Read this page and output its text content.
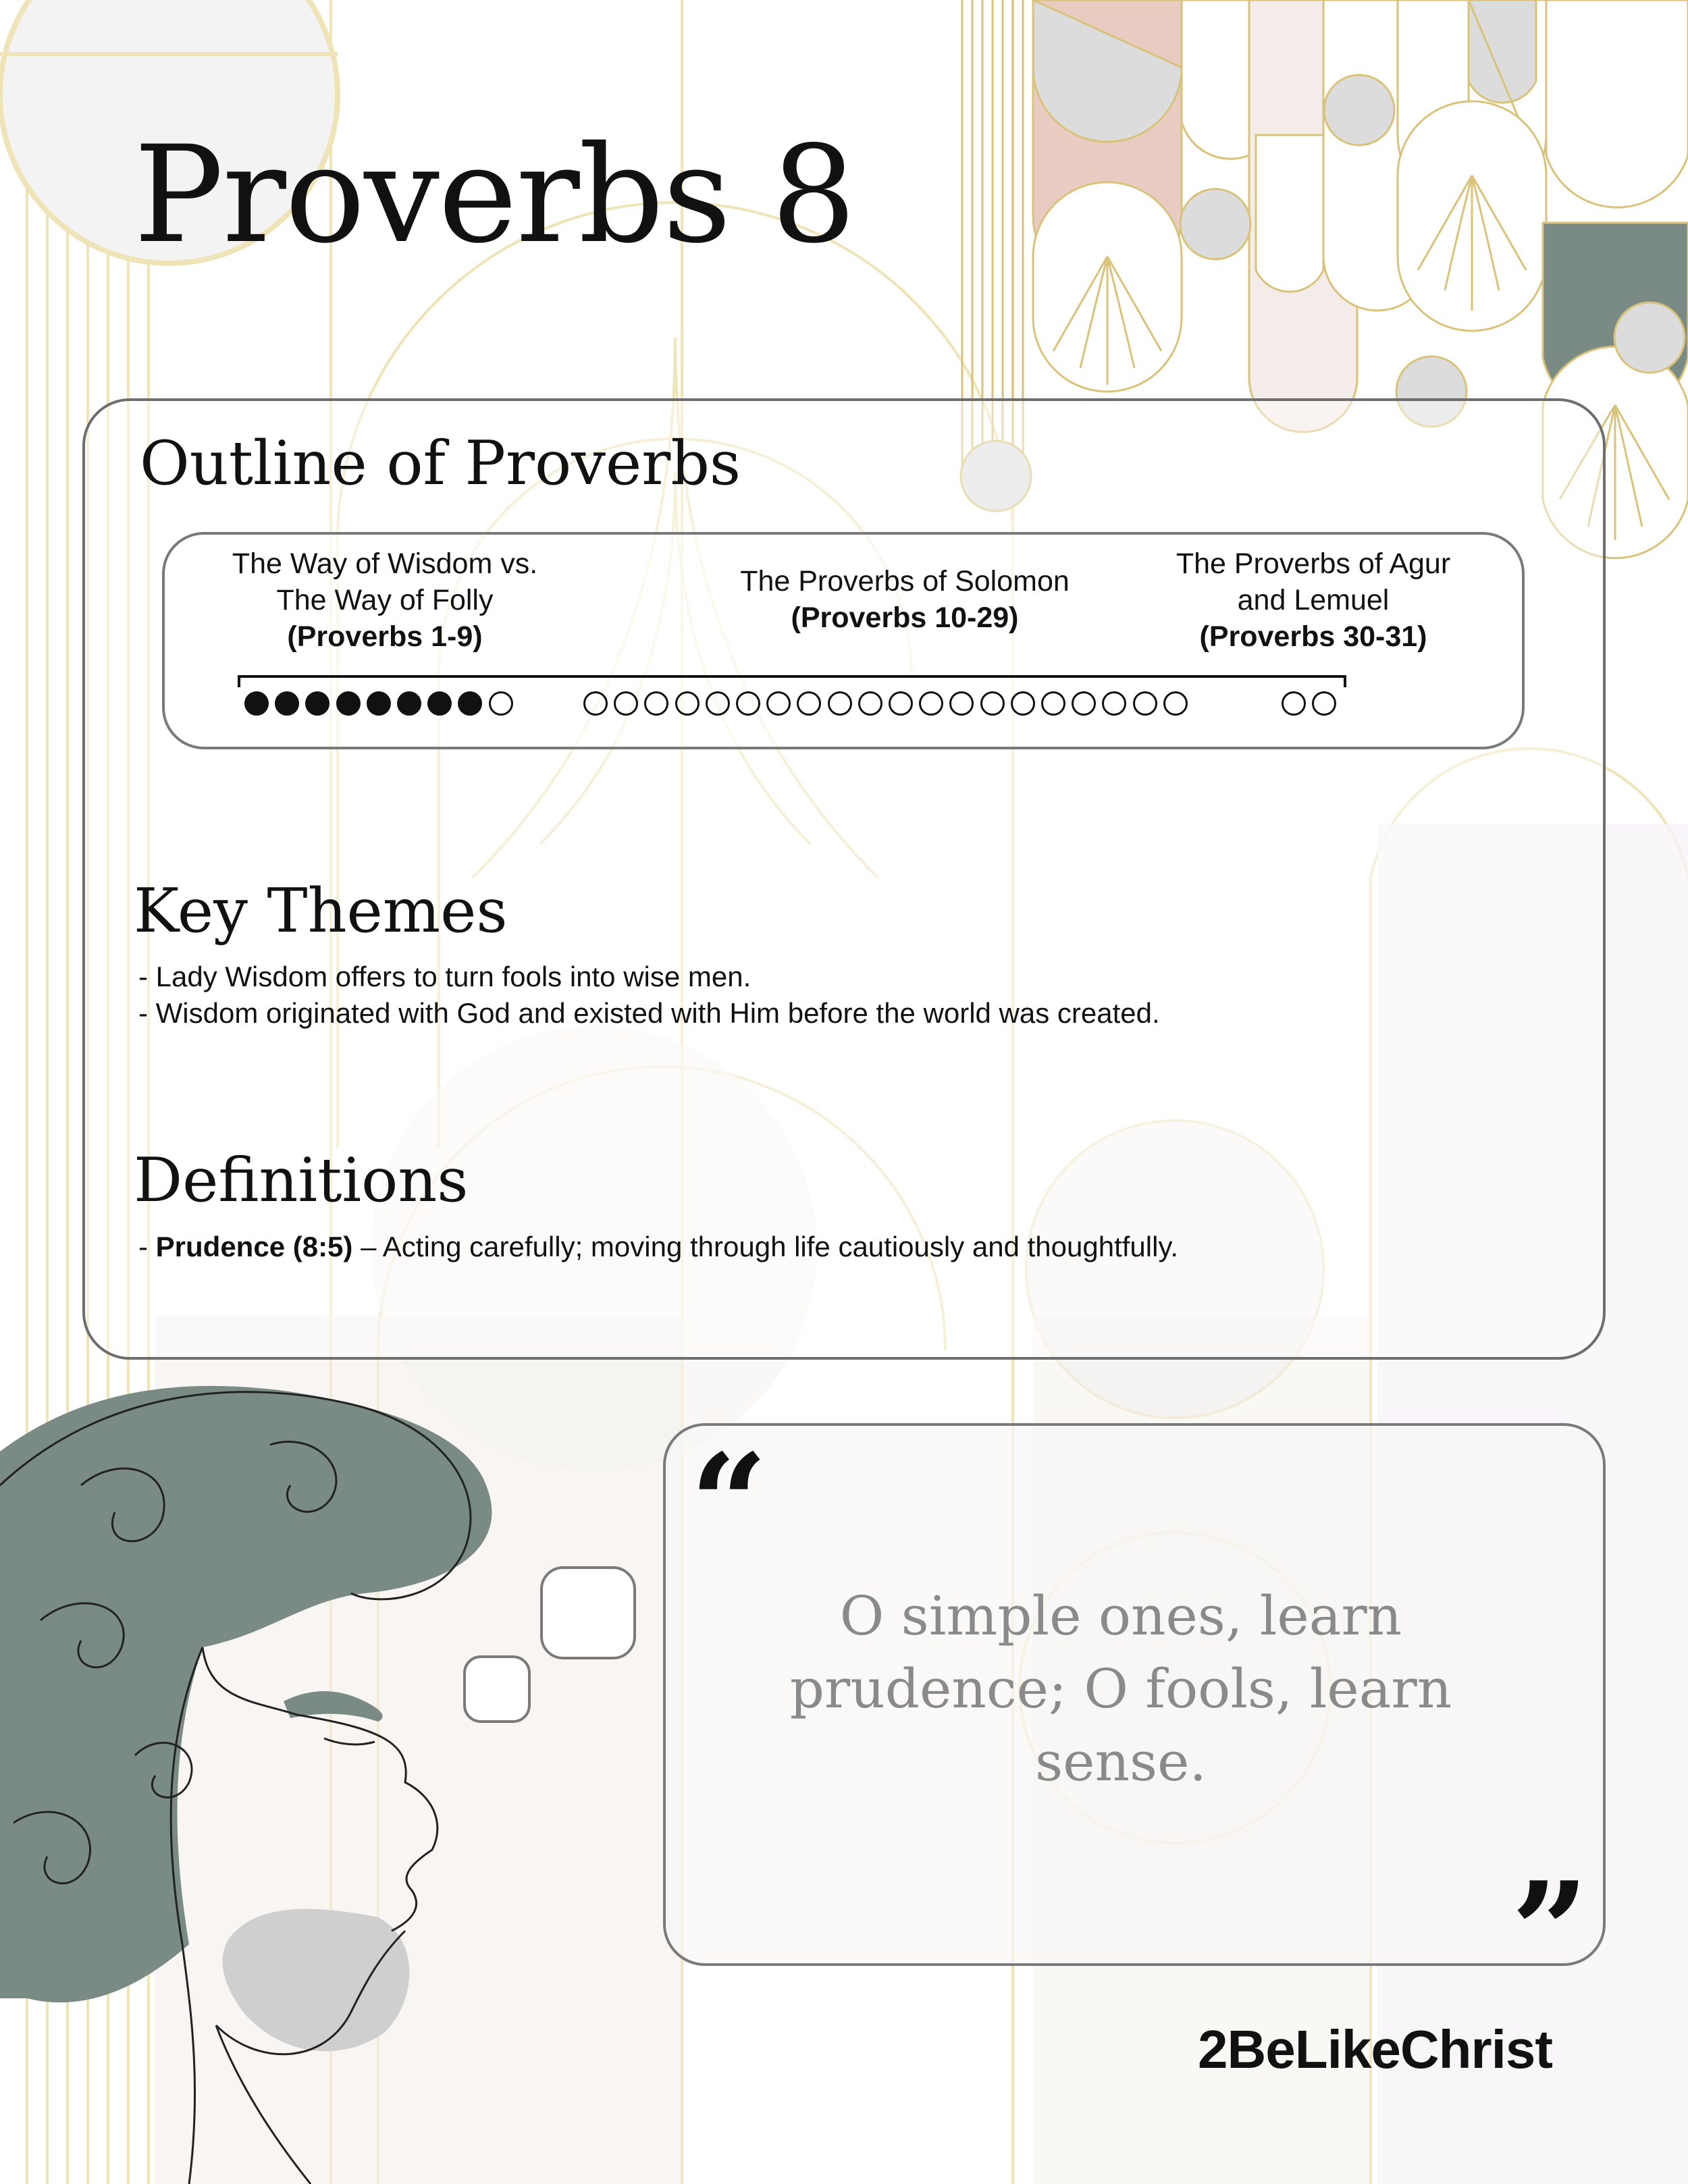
Proverbs 8
Outline of Proverbs
The Way of Wisdom vs.
The Way of Folly
(Proverbs 1-9)
The Proverbs of Solomon
(Proverbs 10-29)
The Proverbs of Agur
and Lemuel
(Proverbs 30-31)
Key Themes
- Lady Wisdom offers to turn fools into wise men.
- Wisdom originated with God and existed with Him before the world was created.
Definitions
- Prudence (8:5) – Acting carefully; moving through life cautiously and thoughtfully.
“
O simple ones, learn prudence; O fools, learn sense.
”
2BeLikeChrist
